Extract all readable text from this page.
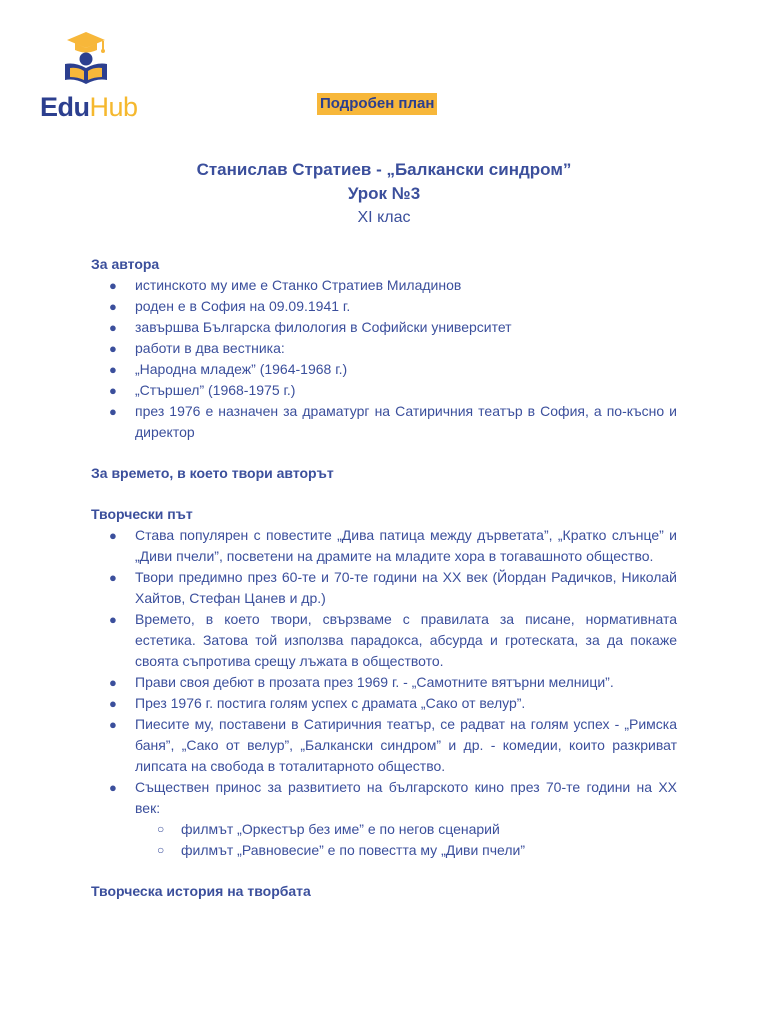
EduHub	Подробен план
Станислав Стратиев - „Балкански синдром”
Урок №3
XI клас

За автора

● истинското му име е Станко Стратиев Миладинов
● роден е в София на 09.09.1941 г.
● завършва Българска филология в Софийски университет
● работи в два вестника:
● „Народна младеж” (1964-1968 г.)
● „Стършел” (1968-1975 г.)
● през 1976 е назначен за драматург на Сатиричния театър в София, а по-късно и директор

За времето, в което твори авторът

Творчески път

● Става популярен с повестите „Дива патица между дърветата”, „Кратко слънце” и „Диви пчели”, посветени на драмите на младите хора в тогавашното общество.
● Твори предимно през 60-те и 70-те години на XX век (Йордан Радичков, Николай Хайтов, Стефан Цанев и др.)
● Времето, в което твори, свързваме с правилата за писане, нормативната естетика. Затова той използва парадокса, абсурда и гротеската, за да покаже своята съпротива срещу лъжата в обществото.
● Прави своя дебют в прозата през 1969 г. - „Самотните вятърни мелници”.
● През 1976 г. постига голям успех с драмата „Сако от велур”.
● Пиесите му, поставени в Сатиричния театър, се радват на голям успех - „Римска баня”, „Сако от велур”, „Балкански синдром” и др. - комедии, които разкриват липсата на свобода в тоталитарното общество.
● Съществен принос за развитието на българското кино през 70-те години на XX век:
○ филмът „Оркестър без име” е по негов сценарий
○ филмът „Равновесие” е по повестта му „Диви пчели”

Творческа история на творбата
